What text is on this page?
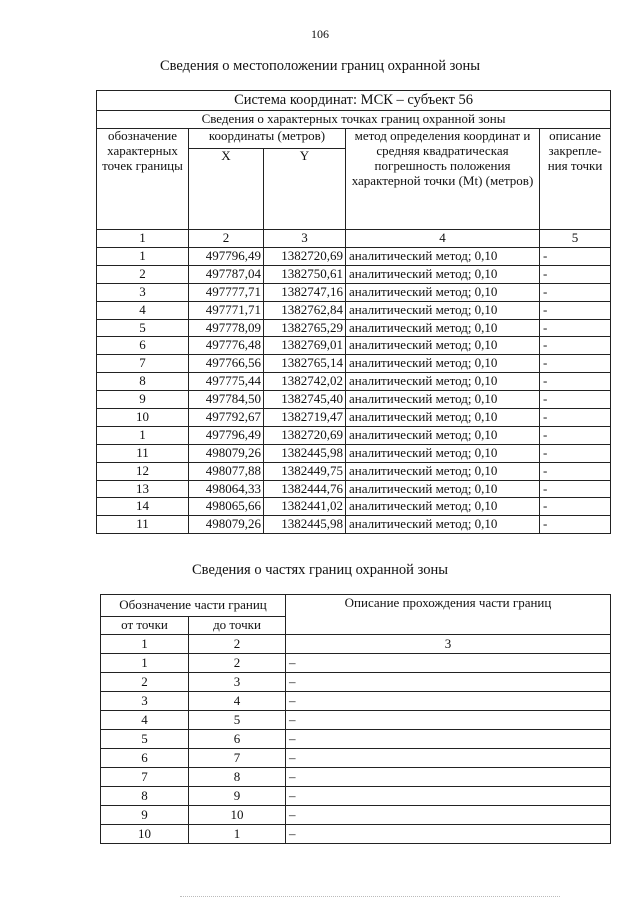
106
Сведения о местоположении границ охранной зоны
Система координат: МСК – субъект 56				
Сведения о характерных точках границ охранной зоны				
обозначение характерных точек границы	координаты (метров)		метод определения координат и средняя квадратическая погрешность положения характерной точки (Mt) (метров)	описание закрепле-ния точки
	X	Y		
1	2	3	4	5
1	497796,49	1382720,69	аналитический метод; 0,10	-
2	497787,04	1382750,61	аналитический метод; 0,10	-
3	497777,71	1382747,16	аналитический метод; 0,10	-
4	497771,71	1382762,84	аналитический метод; 0,10	-
5	497778,09	1382765,29	аналитический метод; 0,10	-
6	497776,48	1382769,01	аналитический метод; 0,10	-
7	497766,56	1382765,14	аналитический метод; 0,10	-
8	497775,44	1382742,02	аналитический метод; 0,10	-
9	497784,50	1382745,40	аналитический метод; 0,10	-
10	497792,67	1382719,47	аналитический метод; 0,10	-
1	497796,49	1382720,69	аналитический метод; 0,10	-
11	498079,26	1382445,98	аналитический метод; 0,10	-
12	498077,88	1382449,75	аналитический метод; 0,10	-
13	498064,33	1382444,76	аналитический метод; 0,10	-
14	498065,66	1382441,02	аналитический метод; 0,10	-
11	498079,26	1382445,98	аналитический метод; 0,10	-
Сведения о частях границ охранной зоны
Обозначение части границ		Описание прохождения части границ
от точки	до точки	
1	2	3
1	2	–
2	3	–
3	4	–
4	5	–
5	6	–
6	7	–
7	8	–
8	9	–
9	10	–
10	1	–
